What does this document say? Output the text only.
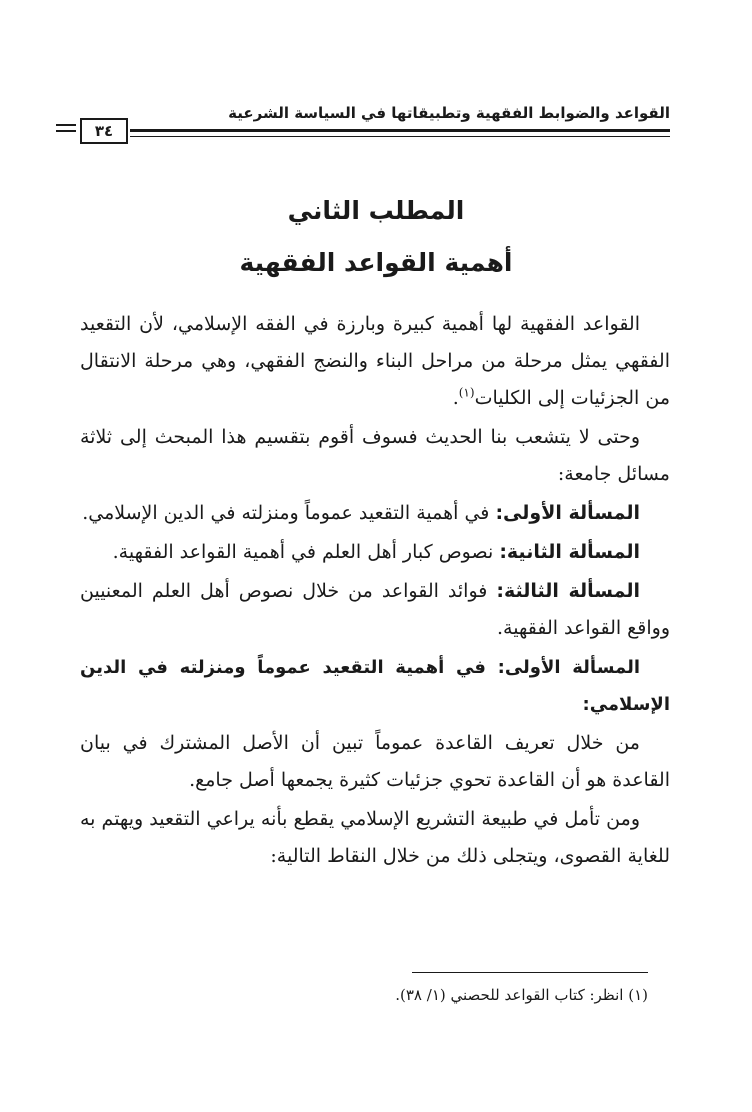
القواعد والضوابط الفقهية وتطبيقاتها في السياسة الشرعية
٣٤
المطلب الثاني
أهمية القواعد الفقهية

القواعد الفقهية لها أهمية كبيرة وبارزة في الفقه الإسلامي، لأن التقعيد الفقهي يمثل مرحلة من مراحل البناء والنضج الفقهي، وهي مرحلة الانتقال من الجزئيات إلى الكليات$^{(١)}$.

وحتى لا يتشعب بنا الحديث فسوف أقوم بتقسيم هذا المبحث إلى ثلاثة مسائل جامعة:

المسألة الأولى: في أهمية التقعيد عموماً ومنزلته في الدين الإسلامي.

المسألة الثانية: نصوص كبار أهل العلم في أهمية القواعد الفقهية.

المسألة الثالثة: فوائد القواعد من خلال نصوص أهل العلم المعنيين وواقع القواعد الفقهية.

المسألة الأولى: في أهمية التقعيد عموماً ومنزلته في الدين الإسلامي:

من خلال تعريف القاعدة عموماً تبين أن الأصل المشترك في بيان القاعدة هو أن القاعدة تحوي جزئيات كثيرة يجمعها أصل جامع.

ومن تأمل في طبيعة التشريع الإسلامي يقطع بأنه يراعي التقعيد ويهتم به للغاية القصوى، ويتجلى ذلك من خلال النقاط التالية:

(١) انظر: كتاب القواعد للحصني (١/ ٣٨).
